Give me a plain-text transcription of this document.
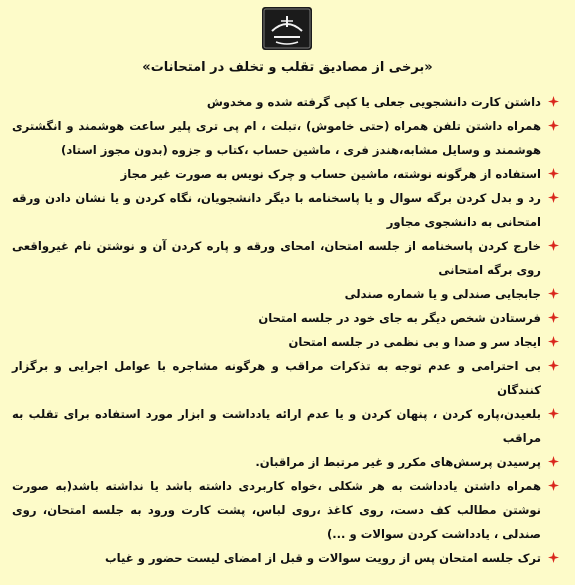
«برخی از مصادیق تقلب و تخلف در امتحانات»
داشتن کارت دانشجویی جعلی یا کپی گرفته شده و مخدوش
همراه داشتن تلفن همراه (حتی خاموش) ،تبلت ، ام پی تری پلیر ساعت هوشمند و انگشتری هوشمند و وسایل مشابه،هندز فری ، ماشین حساب ،کتاب و جزوه (بدون مجوز استاد)
استفاده از هرگونه نوشته، ماشین حساب و چرک نویس به صورت غیر مجاز
رد و بدل کردن برگه سوال و یا پاسخنامه با دیگر دانشجویان، نگاه کردن و یا نشان دادن ورقه امتحانی به دانشجوی مجاور
خارج کردن پاسخنامه از جلسه امتحان، امحای ورقه و پاره کردن آن و نوشتن نام غیرواقعی روی برگه امتحانی
جابجایی صندلی و یا شماره صندلی
فرستادن شخص دیگر به جای خود در جلسه امتحان
ایجاد سر و صدا و بی نظمی در جلسه امتحان
بی احترامی و عدم توجه به تذکرات مراقب و هرگونه مشاجره با عوامل اجرایی و برگزار کنندگان
بلعیدن،پاره کردن ، پنهان کردن و یا عدم ارائه یادداشت و ابزار مورد استفاده برای تقلب به مراقب
پرسیدن پرسش‌های مکرر و غیر مرتبط از مراقبان.
همراه داشتن یادداشت به هر شکلی ،خواه کاربردی داشته باشد یا نداشته باشد(به صورت نوشتن مطالب کف دست، روی کاغذ ،روی لباس، پشت کارت ورود به جلسه امتحان، روی صندلی ، یادداشت کردن سوالات و ...)
ترک جلسه امتحان پس از رویت سوالات و قبل از امضای لیست حضور و غیاب
